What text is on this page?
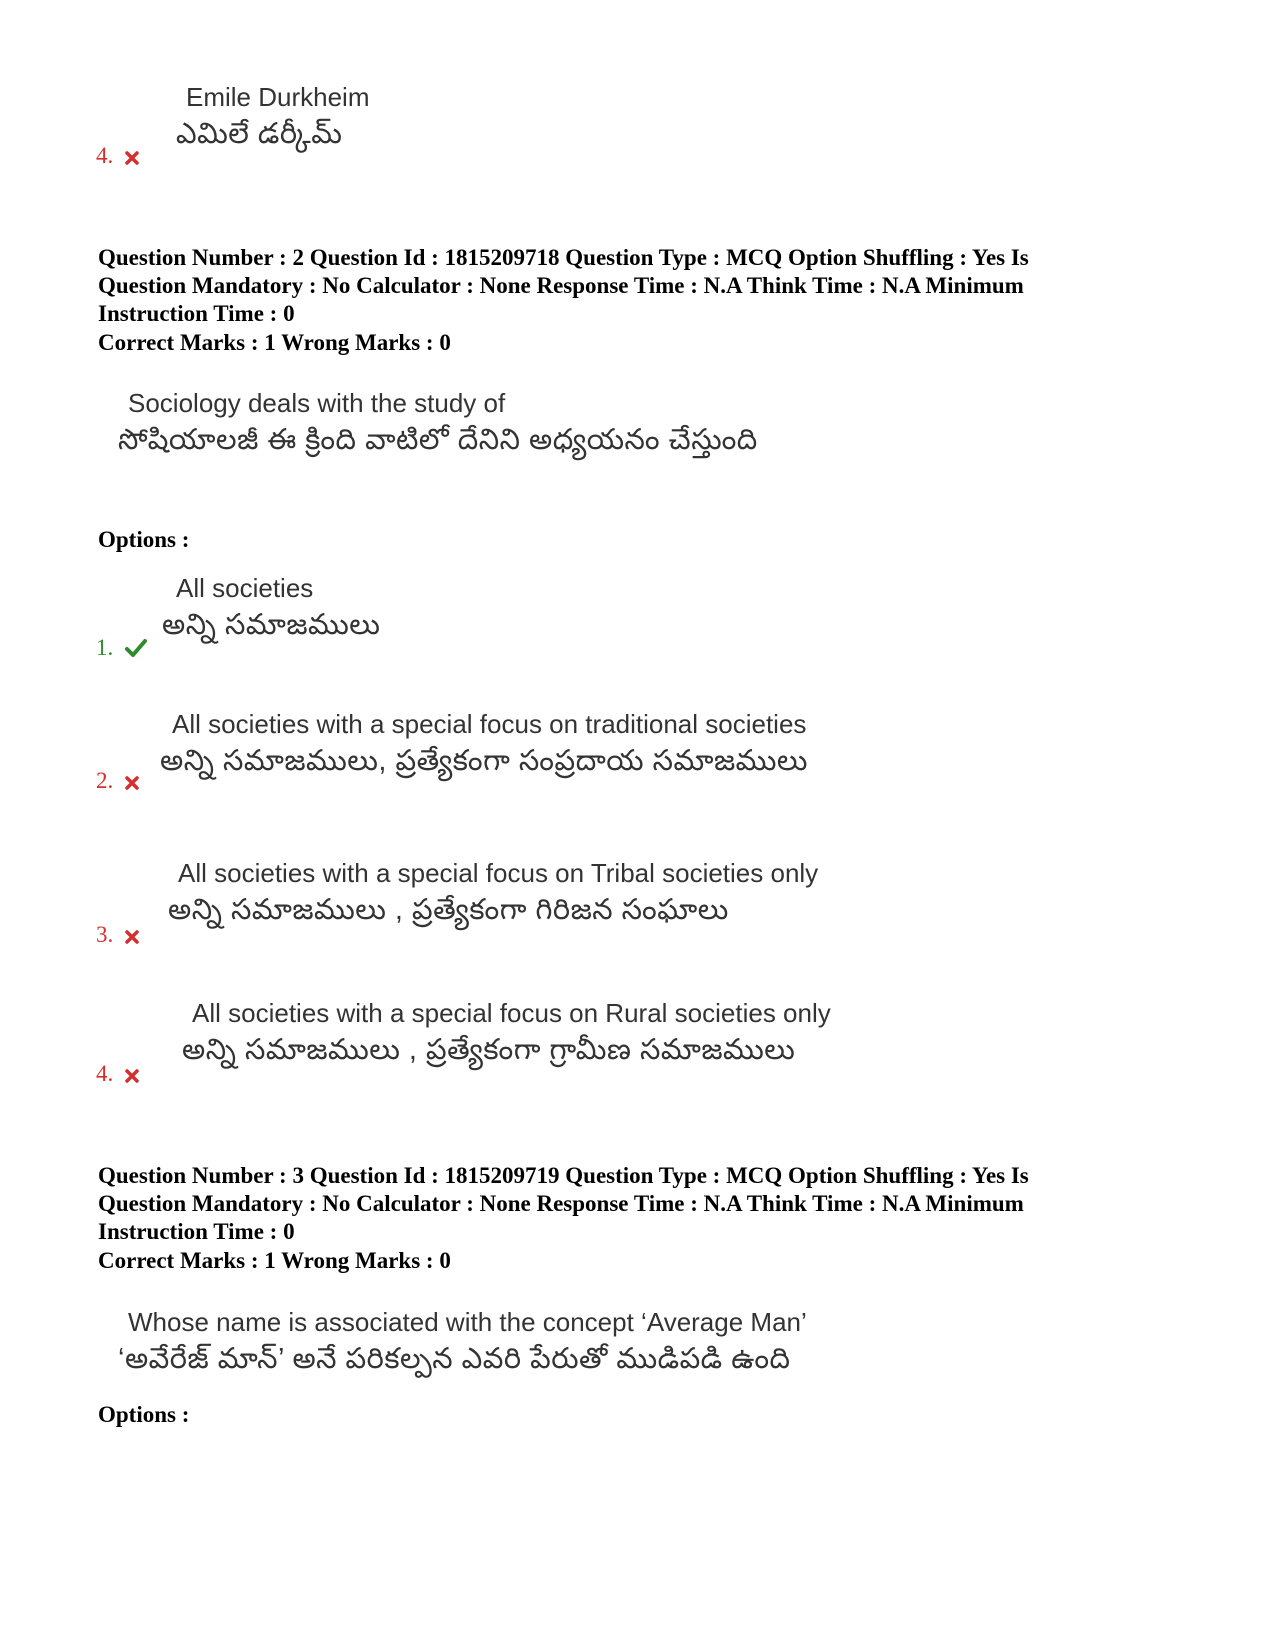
Emile Durkheim
ఎమిలే డర్కీమ్
4.
Question Number : 2 Question Id : 1815209718 Question Type : MCQ Option Shuffling : Yes Is
Question Mandatory : No Calculator : None Response Time : N.A Think Time : N.A Minimum
Instruction Time : 0
Correct Marks : 1 Wrong Marks : 0
Sociology deals with the study of
సోషియాలజీ ఈ క్రింది వాటిలో దేనిని అధ్యయనం చేస్తుంది
Options :
All societies
అన్ని సమాజములు
1.
All societies with a special focus on traditional societies
అన్ని సమాజములు, ప్రత్యేకంగా సంప్రదాయ సమాజములు
2.
All societies with a special focus on Tribal societies only
అన్ని సమాజములు , ప్రత్యేకంగా గిరిజన సంఘాలు
3.
All societies with a special focus on Rural societies only
అన్ని సమాజములు , ప్రత్యేకంగా గ్రామీణ సమాజములు
4.
Question Number : 3 Question Id : 1815209719 Question Type : MCQ Option Shuffling : Yes Is
Question Mandatory : No Calculator : None Response Time : N.A Think Time : N.A Minimum
Instruction Time : 0
Correct Marks : 1 Wrong Marks : 0
Whose name is associated with the concept ‘Average Man’
‘అవేరేజ్ మాన్’ అనే పరికల్పన ఎవరి పేరుతో ముడిపడి ఉంది
Options :
